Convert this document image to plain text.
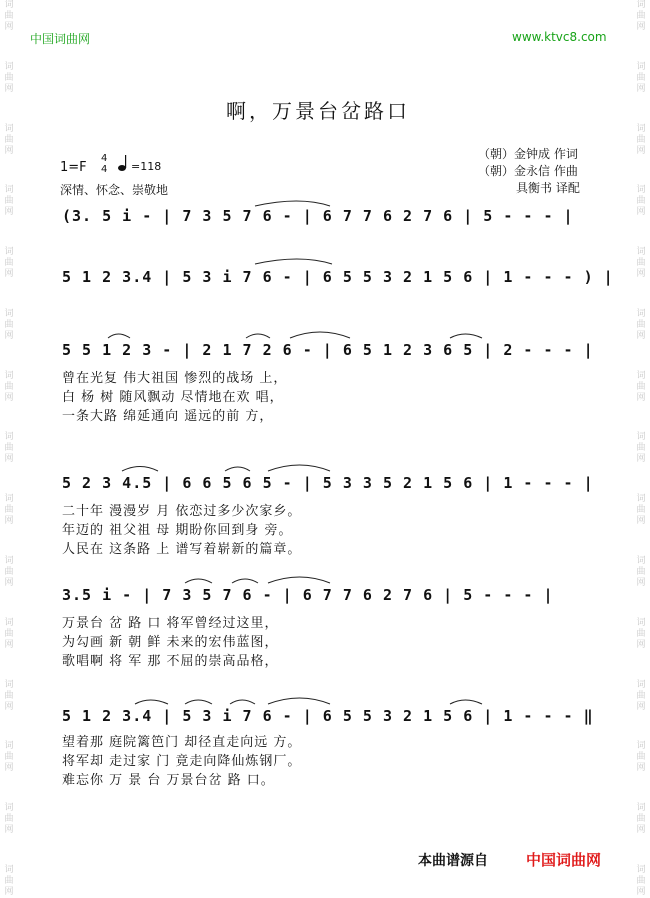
词
曲
网
词
曲
网
词
曲
网
词
曲
网
词
曲
网
词
曲
网
词
曲
网
词
曲
网
词
曲
网
词
曲
网
词
曲
网
词
曲
网
词
曲
网
词
曲
网
词
曲
网
词
曲
网
词
曲
网
词
曲
网
词
曲
网
词
曲
网
词
曲
网
词
曲
网
词
曲
网
词
曲
网
词
曲
网
词
曲
网
词
曲
网
词
曲
网
词
曲
网
词
曲
网
中国词曲网	www.ktvc8.com
啊，万景台岔路口
1=F
4
4 =118
深情、怀念、崇敬地
（朝）金钟成 作词
（朝）金永信 作曲
具衡书 译配
(3. 5 i - | 7 3 5 7 6 - | 6 7 7 6 2 7 6 | 5 - - - |
5 1 2 3.4 | 5 3 i 7 6 - | 6 5 5 3 2 1 5 6 | 1 - - - ) |
5 5 1 2 3 - | 2 1 7 2 6 - | 6 5 1 2 3 6 5 | 2 - - - |
曾在光复 伟大祖国 惨烈的战场 上，
白 杨 树 随风飘动 尽情地在欢 唱，
一条大路 绵延通向 遥远的前 方，
5 2 3 4.5 | 6 6 5 6 5 - | 5 3 3 5 2 1 5 6 | 1 - - - |
二十年 漫漫岁 月 依恋过多少次家乡。
年迈的 祖父祖 母 期盼你回到身 旁。
人民在 这条路 上 谱写着崭新的篇章。
3.5 i - | 7 3 5 7 6 - | 6 7 7 6 2 7 6 | 5 - - - |
万景台 岔 路 口 将军曾经过这里，
为勾画 新 朝 鲜 未来的宏伟蓝图，
歌唱啊 将 军 那 不屈的崇高品格，
5 1 2 3.4 | 5 3 i 7 6 - | 6 5 5 3 2 1 5 6 | 1 - - - ‖
望着那 庭院篱笆门 却径直走向远 方。
将军却 走过家 门 竟走向降仙炼钢厂。
难忘你 万 景 台 万景台岔 路 口。
本曲谱源自	中国词曲网
